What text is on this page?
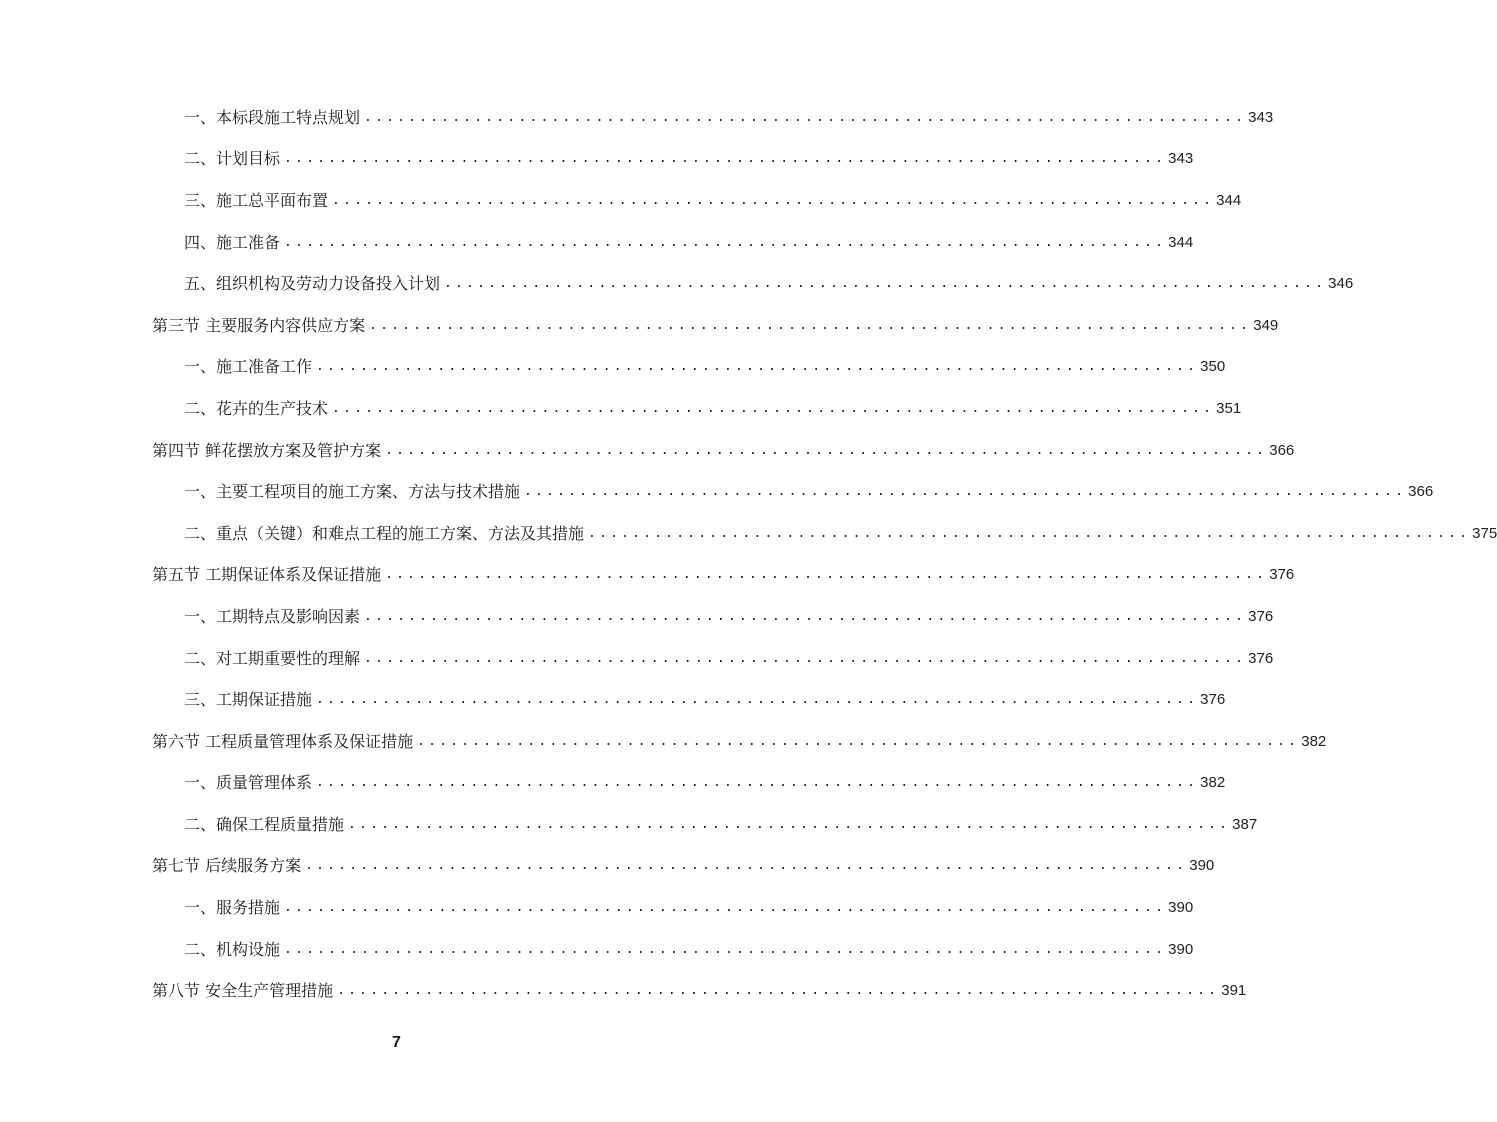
一、本标段施工特点规划 ................................................................................ 343
二、计划目标 ................................................................................ 343
三、施工总平面布置 ................................................................................ 344
四、施工准备 ................................................................................ 344
五、组织机构及劳动力设备投入计划 ................................................................................ 346
第三节 主要服务内容供应方案 ................................................................................ 349
一、施工准备工作 ................................................................................ 350
二、花卉的生产技术 ................................................................................ 351
第四节 鲜花摆放方案及管护方案 ................................................................................ 366
一、主要工程项目的施工方案、方法与技术措施 ................................................................................ 366
二、重点（关键）和难点工程的施工方案、方法及其措施 ................................................................................ 375
第五节 工期保证体系及保证措施 ................................................................................ 376
一、工期特点及影响因素 ................................................................................ 376
二、对工期重要性的理解 ................................................................................ 376
三、工期保证措施 ................................................................................ 376
第六节 工程质量管理体系及保证措施 ................................................................................ 382
一、质量管理体系 ................................................................................ 382
二、确保工程质量措施 ................................................................................ 387
第七节 后续服务方案 ................................................................................ 390
一、服务措施 ................................................................................ 390
二、机构设施 ................................................................................ 390
第八节 安全生产管理措施 ................................................................................ 391
7
